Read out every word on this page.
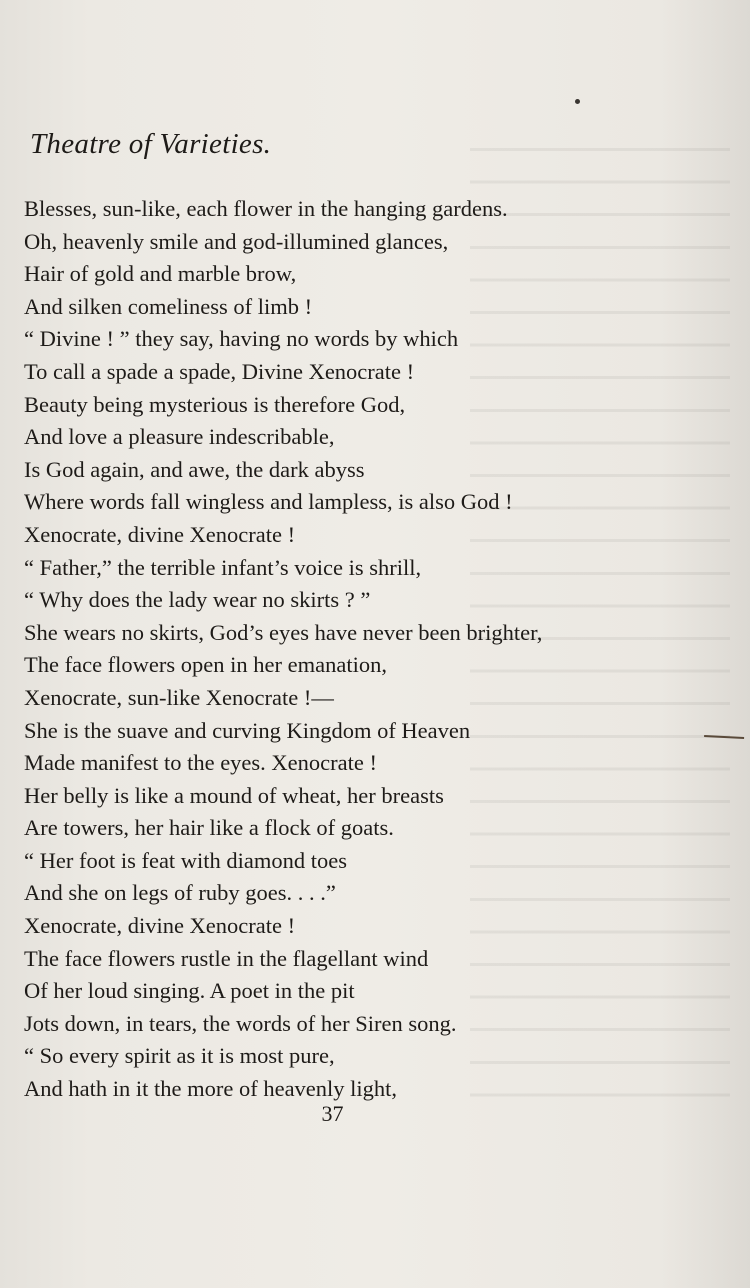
Theatre of Varieties.
Blesses, sun-like, each flower in the hanging gardens.
Oh, heavenly smile and god-illumined glances,
Hair of gold and marble brow,
And silken comeliness of limb !
“ Divine ! ” they say, having no words by which
To call a spade a spade, Divine Xenocrate !
Beauty being mysterious is therefore God,
And love a pleasure indescribable,
Is God again, and awe, the dark abyss
Where words fall wingless and lampless, is also God !
Xenocrate, divine Xenocrate !
“ Father,” the terrible infant’s voice is shrill,
“ Why does the lady wear no skirts ? ”
She wears no skirts, God’s eyes have never been brighter,
The face flowers open in her emanation,
Xenocrate, sun-like Xenocrate !—
She is the suave and curving Kingdom of Heaven
Made manifest to the eyes. Xenocrate !
Her belly is like a mound of wheat, her breasts
Are towers, her hair like a flock of goats.
“ Her foot is feat with diamond toes
And she on legs of ruby goes. . . .”
Xenocrate, divine Xenocrate !
The face flowers rustle in the flagellant wind
Of her loud singing. A poet in the pit
Jots down, in tears, the words of her Siren song.
“ So every spirit as it is most pure,
And hath in it the more of heavenly light,
37
